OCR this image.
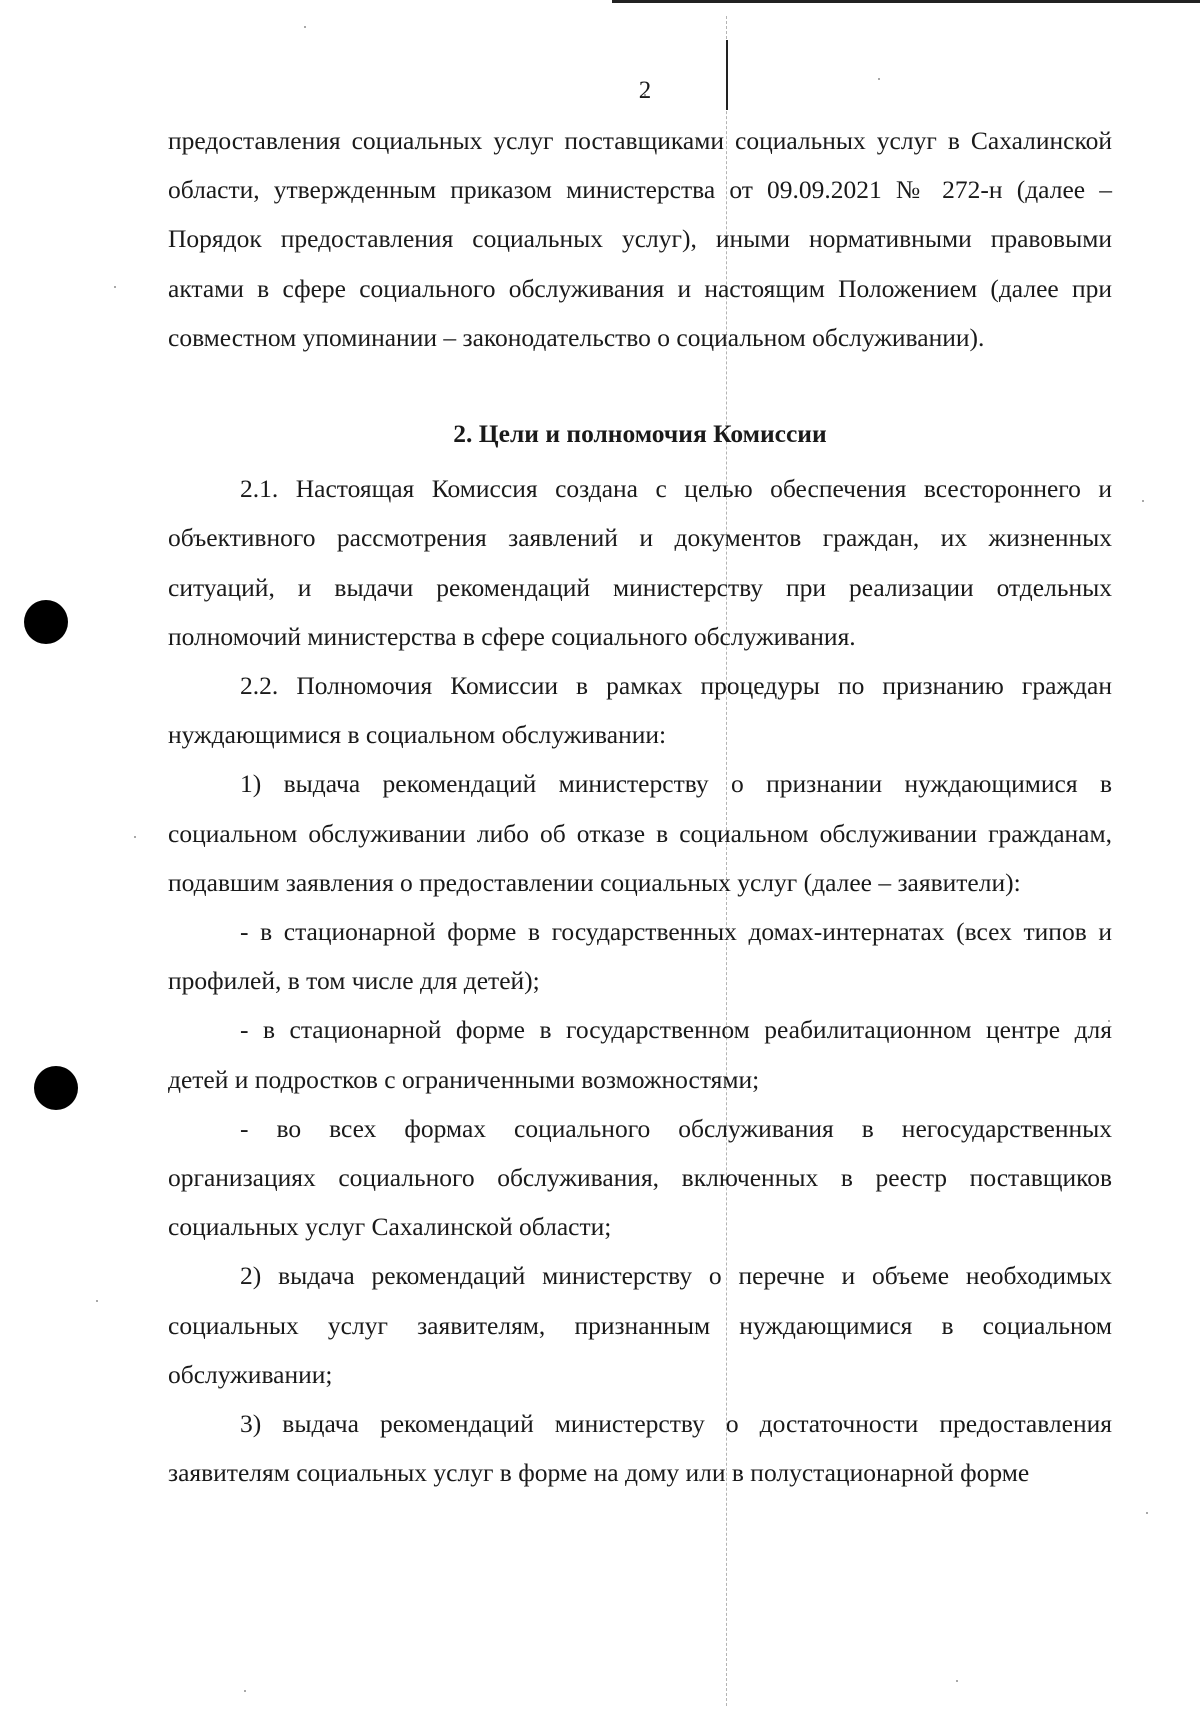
2

предоставления социальных услуг поставщиками социальных услуг в Сахалинской области, утвержденным приказом министерства от 09.09.2021 № 272-н (далее – Порядок предоставления социальных услуг), иными нормативными правовыми актами в сфере социального обслуживания и настоящим Положением (далее при совместном упоминании – законодательство о социальном обслуживании).

2. Цели и полномочия Комиссии

2.1. Настоящая Комиссия создана с целью обеспечения всестороннего и объективного рассмотрения заявлений и документов граждан, их жизненных ситуаций, и выдачи рекомендаций министерству при реализации отдельных полномочий министерства в сфере социального обслуживания.

2.2. Полномочия Комиссии в рамках процедуры по признанию граждан нуждающимися в социальном обслуживании:

1) выдача рекомендаций министерству о признании нуждающимися в социальном обслуживании либо об отказе в социальном обслуживании гражданам, подавшим заявления о предоставлении социальных услуг (далее – заявители):

- в стационарной форме в государственных домах-интернатах (всех типов и профилей, в том числе для детей);

- в стационарной форме в государственном реабилитационном центре для детей и подростков с ограниченными возможностями;

- во всех формах социального обслуживания в негосударственных организациях социального обслуживания, включенных в реестр поставщиков социальных услуг Сахалинской области;

2) выдача рекомендаций министерству о перечне и объеме необходимых социальных услуг заявителям, признанным нуждающимися в социальном обслуживании;

3) выдача рекомендаций министерству о достаточности предоставления заявителям социальных услуг в форме на дому или в полустационарной форме
